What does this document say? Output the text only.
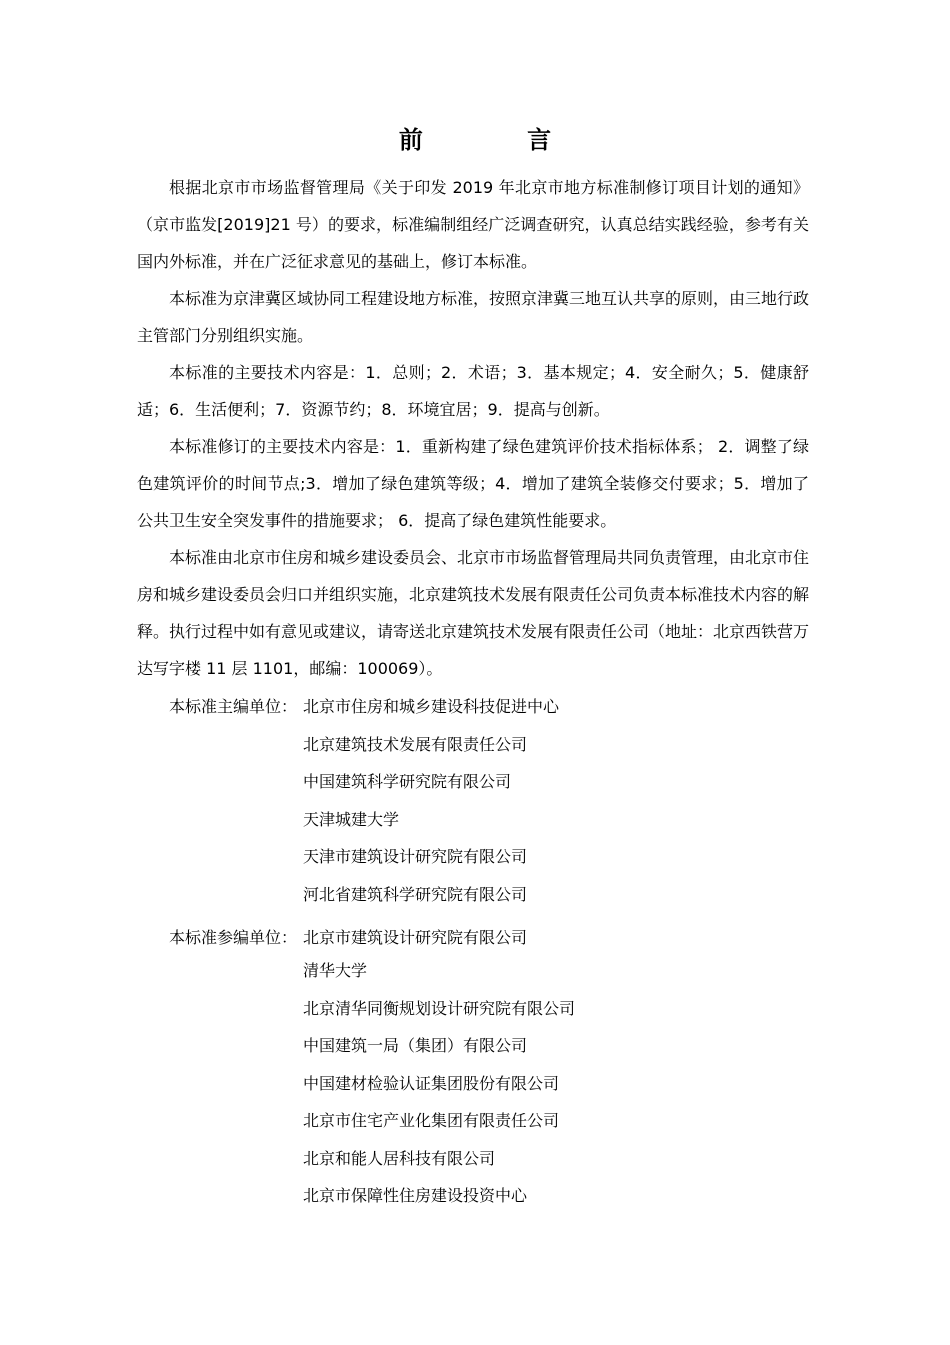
前 言

根据北京市市场监督管理局《关于印发 2019 年北京市地方标准制修订项目计划的通知》（京市监发[2019]21 号）的要求，标准编制组经广泛调查研究，认真总结实践经验，参考有关国内外标准，并在广泛征求意见的基础上，修订本标准。

本标准为京津冀区域协同工程建设地方标准，按照京津冀三地互认共享的原则，由三地行政主管部门分别组织实施。

本标准的主要技术内容是：1．总则；2．术语；3．基本规定；4．安全耐久；5．健康舒适；6．生活便利；7．资源节约；8．环境宜居；9．提高与创新。

本标准修订的主要技术内容是：1．重新构建了绿色建筑评价技术指标体系； 2．调整了绿色建筑评价的时间节点;3．增加了绿色建筑等级；4．增加了建筑全装修交付要求；5．增加了公共卫生安全突发事件的措施要求； 6．提高了绿色建筑性能要求。

本标准由北京市住房和城乡建设委员会、北京市市场监督管理局共同负责管理，由北京市住房和城乡建设委员会归口并组织实施，北京建筑技术发展有限责任公司负责本标准技术内容的解释。执行过程中如有意见或建议，请寄送北京建筑技术发展有限责任公司（地址：北京西铁营万达写字楼 11 层 1101，邮编：100069）。

本标准主编单位： 北京市住房和城乡建设科技促进中心
北京建筑技术发展有限责任公司
中国建筑科学研究院有限公司
天津城建大学
天津市建筑设计研究院有限公司
河北省建筑科学研究院有限公司
本标准参编单位： 北京市建筑设计研究院有限公司
清华大学
北京清华同衡规划设计研究院有限公司
中国建筑一局（集团）有限公司
中国建材检验认证集团股份有限公司
北京市住宅产业化集团有限责任公司
北京和能人居科技有限公司
北京市保障性住房建设投资中心
